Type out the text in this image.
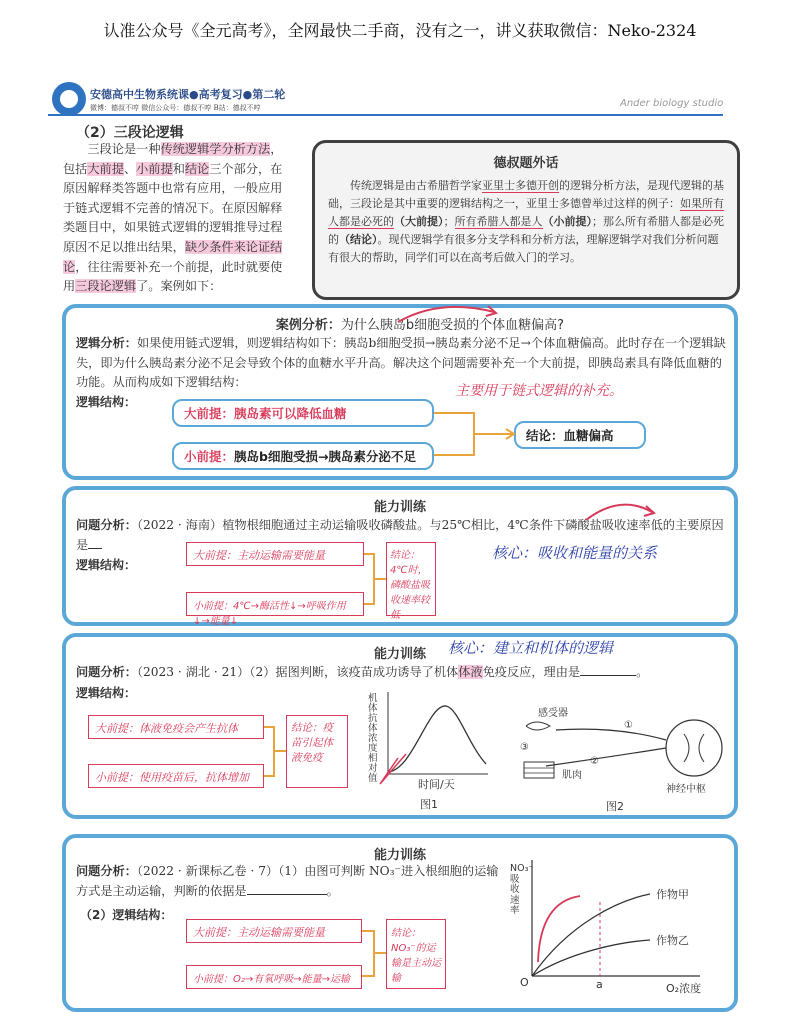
认准公众号《全元高考》，全网最快二手商，没有之一，讲义获取微信：Neko-2324
安德高中生物系统课●高考复习●第二轮
微博：德叔不哼 微信公众号：德叔不哼 B站：德叔不哼	Ander biology studio
（2）三段论逻辑
三段论是一种传统逻辑学分析方法，包括大前提、小前提和结论三个部分，在原因解释类答题中也常有应用，一般应用于链式逻辑不完善的情况下。在原因解释类题目中，如果链式逻辑的逻辑推导过程原因不足以推出结果，缺少条件来论证结论，往往需要补充一个前提，此时就要使用三段论逻辑了。案例如下：
德叔题外话
传统逻辑是由古希腊哲学家亚里士多德开创的逻辑分析方法，是现代逻辑的基础，三段论是其中重要的逻辑结构之一，亚里士多德曾举过这样的例子：如果所有人都是必死的（大前提）；所有希腊人都是人（小前提）；那么所有希腊人都是必死的（结论）。现代逻辑学有很多分支学科和分析方法，理解逻辑学对我们分析问题有很大的帮助，同学们可以在高考后做入门的学习。
案例分析：为什么胰岛b细胞受损的个体血糖偏高?
逻辑分析：如果使用链式逻辑，则逻辑结构如下：胰岛b细胞受损→胰岛素分泌不足→个体血糖偏高。此时存在一个逻辑缺失，即为什么胰岛素分泌不足会导致个体的血糖水平升高。解决这个问题需要补充一个大前提，即胰岛素具有降低血糖的功能。从而构成如下逻辑结构：
逻辑结构：
大前提：胰岛素可以降低血糖
小前提：胰岛b细胞受损→胰岛素分泌不足
结论：血糖偏高
主要用于链式逻辑的补充。
能力训练
问题分析：（2022 · 海南）植物根细胞通过主动运输吸收磷酸盐。与25℃相比，4℃条件下磷酸盐吸收速率低的主要原因是
逻辑结构：
大前提：主动运输需要能量
小前提：4℃→酶活性↓→呼吸作用↓→能量↓
结论：4℃时，磷酸盐吸收速率较低
核心：吸收和能量的关系
能力训练	核心：建立和机体的逻辑
问题分析：（2023 · 湖北 · 21）（2）据图判断，该疫苗成功诱导了机体体液免疫反应，理由是	。
逻辑结构：
大前提：体液免疫会产生抗体
小前提：使用疫苗后，抗体增加
结论：疫苗引起体液免疫
机体抗体浓度相对值	时间/天
图1
感受器
肌肉
神经中枢
①
②
③
图2
能力训练
问题分析：（2022 · 新课标乙卷 · 7）（1）由图可判断 NO₃⁻进入根细胞的运输方式是主动运输，判断的依据是	。
（2）逻辑结构：
大前提：主动运输需要能量
小前提：O₂→有氧呼吸→能量→运输
结论：NO₃⁻的运输是主动运输
NO₃⁻吸收速率
O₂浓度
O	a
作物甲
作物乙
